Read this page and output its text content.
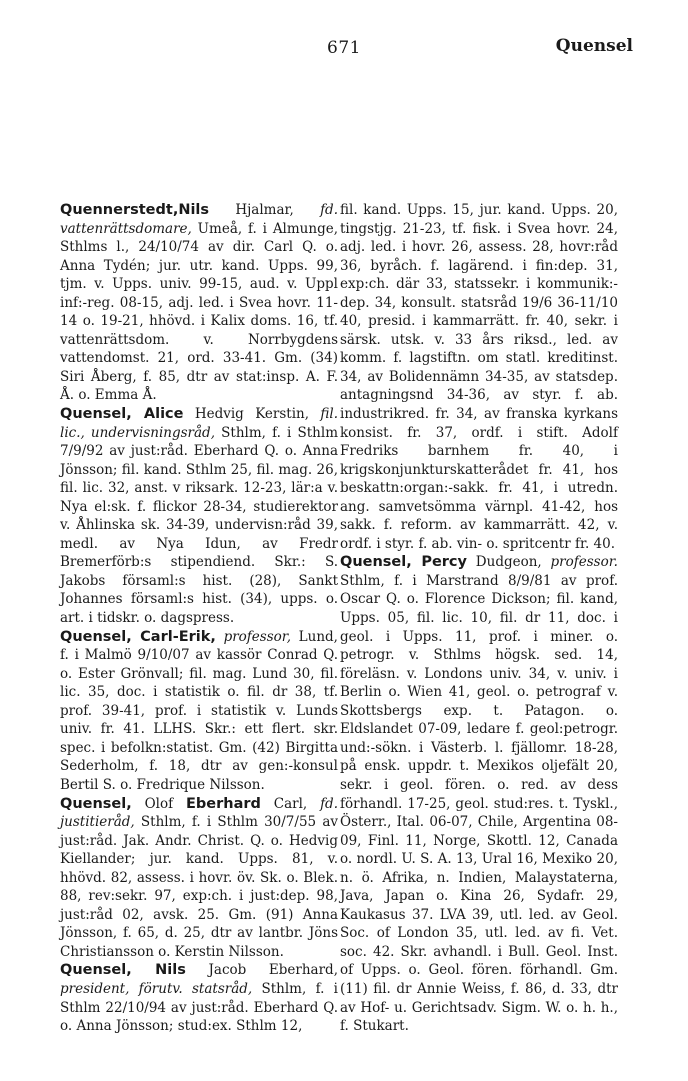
671	Quensel

Quennerstedt,Nils Hjalmar, fd. vattenrättsdomare, Umeå, f. i Almunge, Sthlms l., 24/10/74 av dir. Carl Q. o. Anna Tydén; jur. utr. kand. Upps. 99, tjm. v. Upps. univ. 99-15, aud. v. Uppl inf:-reg. 08-15, adj. led. i Svea hovr. 11-14 o. 19-21, hhövd. i Kalix doms. 16, tf. vattenrättsdom. v. Norrbygdens vattendomst. 21, ord. 33-41. Gm. (34) Siri Åberg, f. 85, dtr av stat:insp. A. F. Å. o. Emma Å.

Quensel, Alice Hedvig Kerstin, fil. lic., undervisningsråd, Sthlm, f. i Sthlm 7/9/92 av just:råd. Eberhard Q. o. Anna Jönsson; fil. kand. Sthlm 25, fil. mag. 26, fil. lic. 32, anst. v riksark. 12-23, lär:a v. Nya el:sk. f. flickor 28-34, studierektor v. Åhlinska sk. 34-39, undervisn:råd 39, medl. av Nya Idun, av Fredr Bremerförb:s stipendiend. Skr.: S. Jakobs församl:s hist. (28), Sankt Johannes församl:s hist. (34), upps. o. art. i tidskr. o. dagspress.

Quensel, Carl-Erik, professor, Lund, f. i Malmö 9/10/07 av kassör Conrad Q. o. Ester Grönvall; fil. mag. Lund 30, fil. lic. 35, doc. i statistik o. fil. dr 38, tf. prof. 39-41, prof. i statistik v. Lunds univ. fr. 41. LLHS. Skr.: ett flert. skr. spec. i befolkn:statist. Gm. (42) Birgitta Sederholm, f. 18, dtr av gen:-konsul Bertil S. o. Fredrique Nilsson.

Quensel, Olof Eberhard Carl, fd. justitieråd, Sthlm, f. i Sthlm 30/7/55 av just:råd. Jak. Andr. Christ. Q. o. Hedvig Kiellander; jur. kand. Upps. 81, v. hhövd. 82, assess. i hovr. öv. Sk. o. Blek. 88, rev:sekr. 97, exp:ch. i just:dep. 98, just:råd 02, avsk. 25. Gm. (91) Anna Jönsson, f. 65, d. 25, dtr av lantbr. Jöns Christiansson o. Kerstin Nilsson.

Quensel, Nils Jacob Eberhard, president, förutv. statsråd, Sthlm, f. i Sthlm 22/10/94 av just:råd. Eberhard Q. o. Anna Jönsson; stud:ex. Sthlm 12,

fil. kand. Upps. 15, jur. kand. Upps. 20, tingstjg. 21-23, tf. fisk. i Svea hovr. 24, adj. led. i hovr. 26, assess. 28, hovr:råd 36, byråch. f. lagärend. i fin:dep. 31, exp:ch. där 33, statssekr. i kommunik:-dep. 34, konsult. statsråd 19/6 36-11/10 40, presid. i kammarrätt. fr. 40, sekr. i särsk. utsk. v. 33 års riksd., led. av komm. f. lagstiftn. om statl. kreditinst. 34, av Bolidennämn 34-35, av statsdep. antagningsnd 34-36, av styr. f. ab. industrikred. fr. 34, av franska kyrkans konsist. fr. 37, ordf. i stift. Adolf Fredriks barnhem fr. 40, i krigskonjunkturskatterådet fr. 41, hos beskattn:organ:-sakk. fr. 41, i utredn. ang. samvetsömma värnpl. 41-42, hos sakk. f. reform. av kammarrätt. 42, v. ordf. i styr. f. ab. vin- o. spritcentr fr. 40.

Quensel, Percy Dudgeon, professor. Sthlm, f. i Marstrand 8/9/81 av prof. Oscar Q. o. Florence Dickson; fil. kand, Upps. 05, fil. lic. 10, fil. dr 11, doc. i geol. i Upps. 11, prof. i miner. o. petrogr. v. Sthlms högsk. sed. 14, föreläsn. v. Londons univ. 34, v. univ. i Berlin o. Wien 41, geol. o. petrograf v. Skottsbergs exp. t. Patagon. o. Eldslandet 07-09, ledare f. geol:petrogr. und:-sökn. i Västerb. l. fjällomr. 18-28, på ensk. uppdr. t. Mexikos oljefält 20, sekr. i geol. fören. o. red. av dess förhandl. 17-25, geol. stud:res. t. Tyskl., Österr., Ital. 06-07, Chile, Argentina 08-09, Finl. 11, Norge, Skottl. 12, Canada o. nordl. U. S. A. 13, Ural 16, Mexiko 20, n. ö. Afrika, n. Indien, Malaystaterna, Java, Japan o. Kina 26, Sydafr. 29, Kaukasus 37. LVA 39, utl. led. av Geol. Soc. of London 35, utl. led. av fi. Vet. soc. 42. Skr. avhandl. i Bull. Geol. Inst. of Upps. o. Geol. fören. förhandl. Gm. (11) fil. dr Annie Weiss, f. 86, d. 33, dtr av Hof- u. Gerichtsadv. Sigm. W. o. h. h., f. Stukart.
